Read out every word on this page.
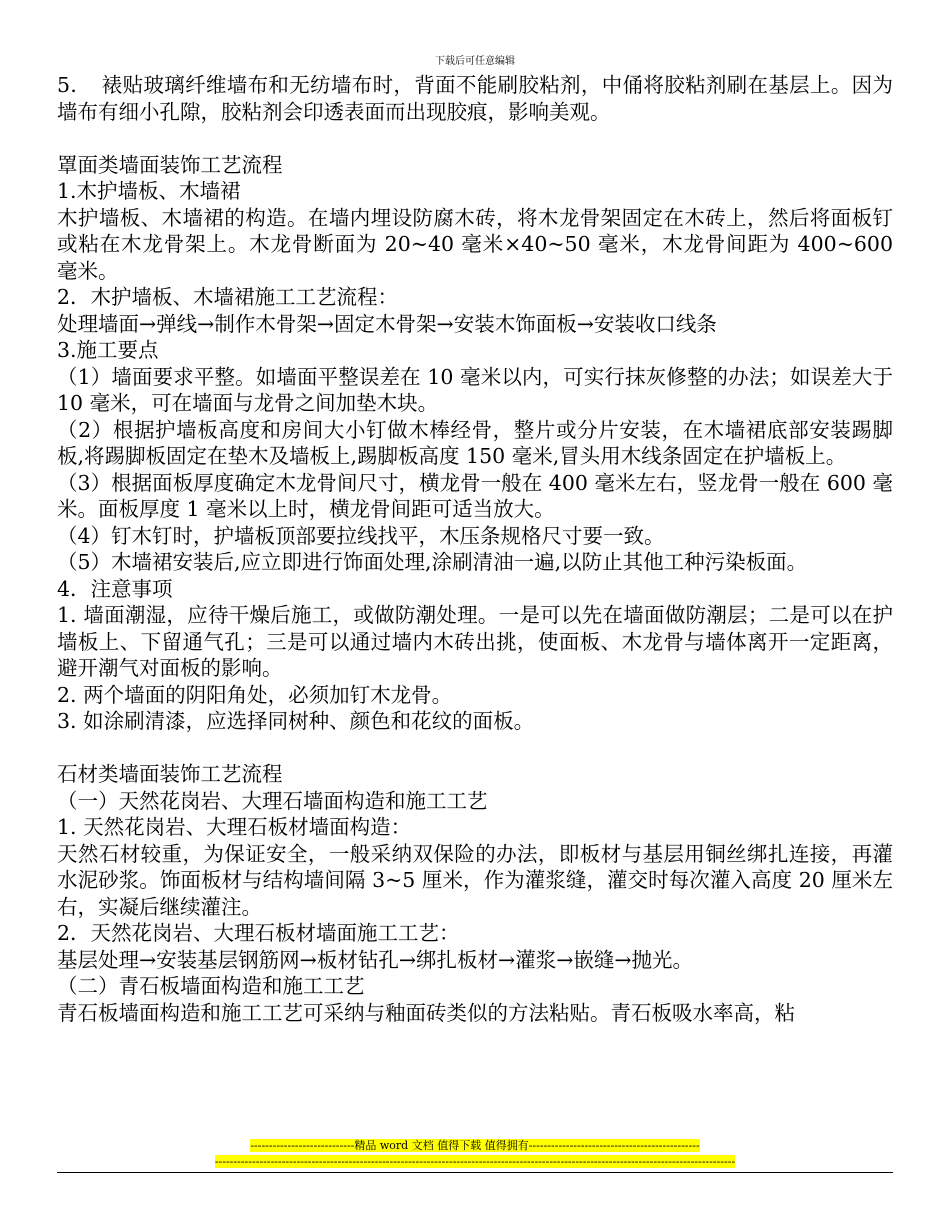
下载后可任意编辑

5．　裱贴玻璃纤维墙布和无纺墙布时，背面不能刷胶粘剂，中俑将胶粘剂刷在基层上。因为墙布有细小孔隙，胶粘剂会印透表面而出现胶痕，影响美观。

罩面类墙面装饰工艺流程

1.木护墙板、木墙裙

木护墙板、木墙裙的构造。在墙内埋设防腐木砖，将木龙骨架固定在木砖上，然后将面板钉或粘在木龙骨架上。木龙骨断面为 20~40 毫米×40~50 毫米，木龙骨间距为 400~600 毫米。

2．木护墙板、木墙裙施工工艺流程：

处理墙面→弹线→制作木骨架→固定木骨架→安装木饰面板→安装收口线条

3.施工要点

（1）墙面要求平整。如墙面平整误差在 10 毫米以内，可实行抹灰修整的办法；如误差大于 10 毫米，可在墙面与龙骨之间加垫木块。

（2）根据护墙板高度和房间大小钉做木棒经骨，整片或分片安装，在木墙裙底部安装踢脚板,将踢脚板固定在垫木及墙板上,踢脚板高度 150 毫米,冒头用木线条固定在护墙板上。

（3）根据面板厚度确定木龙骨间尺寸，横龙骨一般在 400 毫米左右，竖龙骨一般在 600 毫米。面板厚度 1 毫米以上时，横龙骨间距可适当放大。

（4）钉木钉时，护墙板顶部要拉线找平，木压条规格尺寸要一致。

（5）木墙裙安装后,应立即进行饰面处理,涂刷清油一遍,以防止其他工种污染板面。

4．注意事项

1. 墙面潮湿，应待干燥后施工，或做防潮处理。一是可以先在墙面做防潮层；二是可以在护墙板上、下留通气孔；三是可以通过墙内木砖出挑，使面板、木龙骨与墙体离开一定距离，避开潮气对面板的影响。

2. 两个墙面的阴阳角处，必须加钉木龙骨。

3. 如涂刷清漆，应选择同树种、颜色和花纹的面板。

石材类墙面装饰工艺流程

（一）天然花岗岩、大理石墙面构造和施工工艺

1. 天然花岗岩、大理石板材墙面构造：

天然石材较重，为保证安全，一般采纳双保险的办法，即板材与基层用铜丝绑扎连接，再灌水泥砂浆。饰面板材与结构墙间隔 3~5 厘米，作为灌浆缝，灌交时每次灌入高度 20 厘米左右，实凝后继续灌注。

2．天然花岗岩、大理石板材墙面施工工艺：

基层处理→安装基层钢筋网→板材钻孔→绑扎板材→灌浆→嵌缝→抛光。

（二）青石板墙面构造和施工工艺

青石板墙面构造和施工工艺可采纳与釉面砖类似的方法粘贴。青石板吸水率高，粘

----------------------------精品 word 文档 值得下载 值得拥有----------------------------------------------
--------------------------------------------------------------------------------------------------------------------------------------------
